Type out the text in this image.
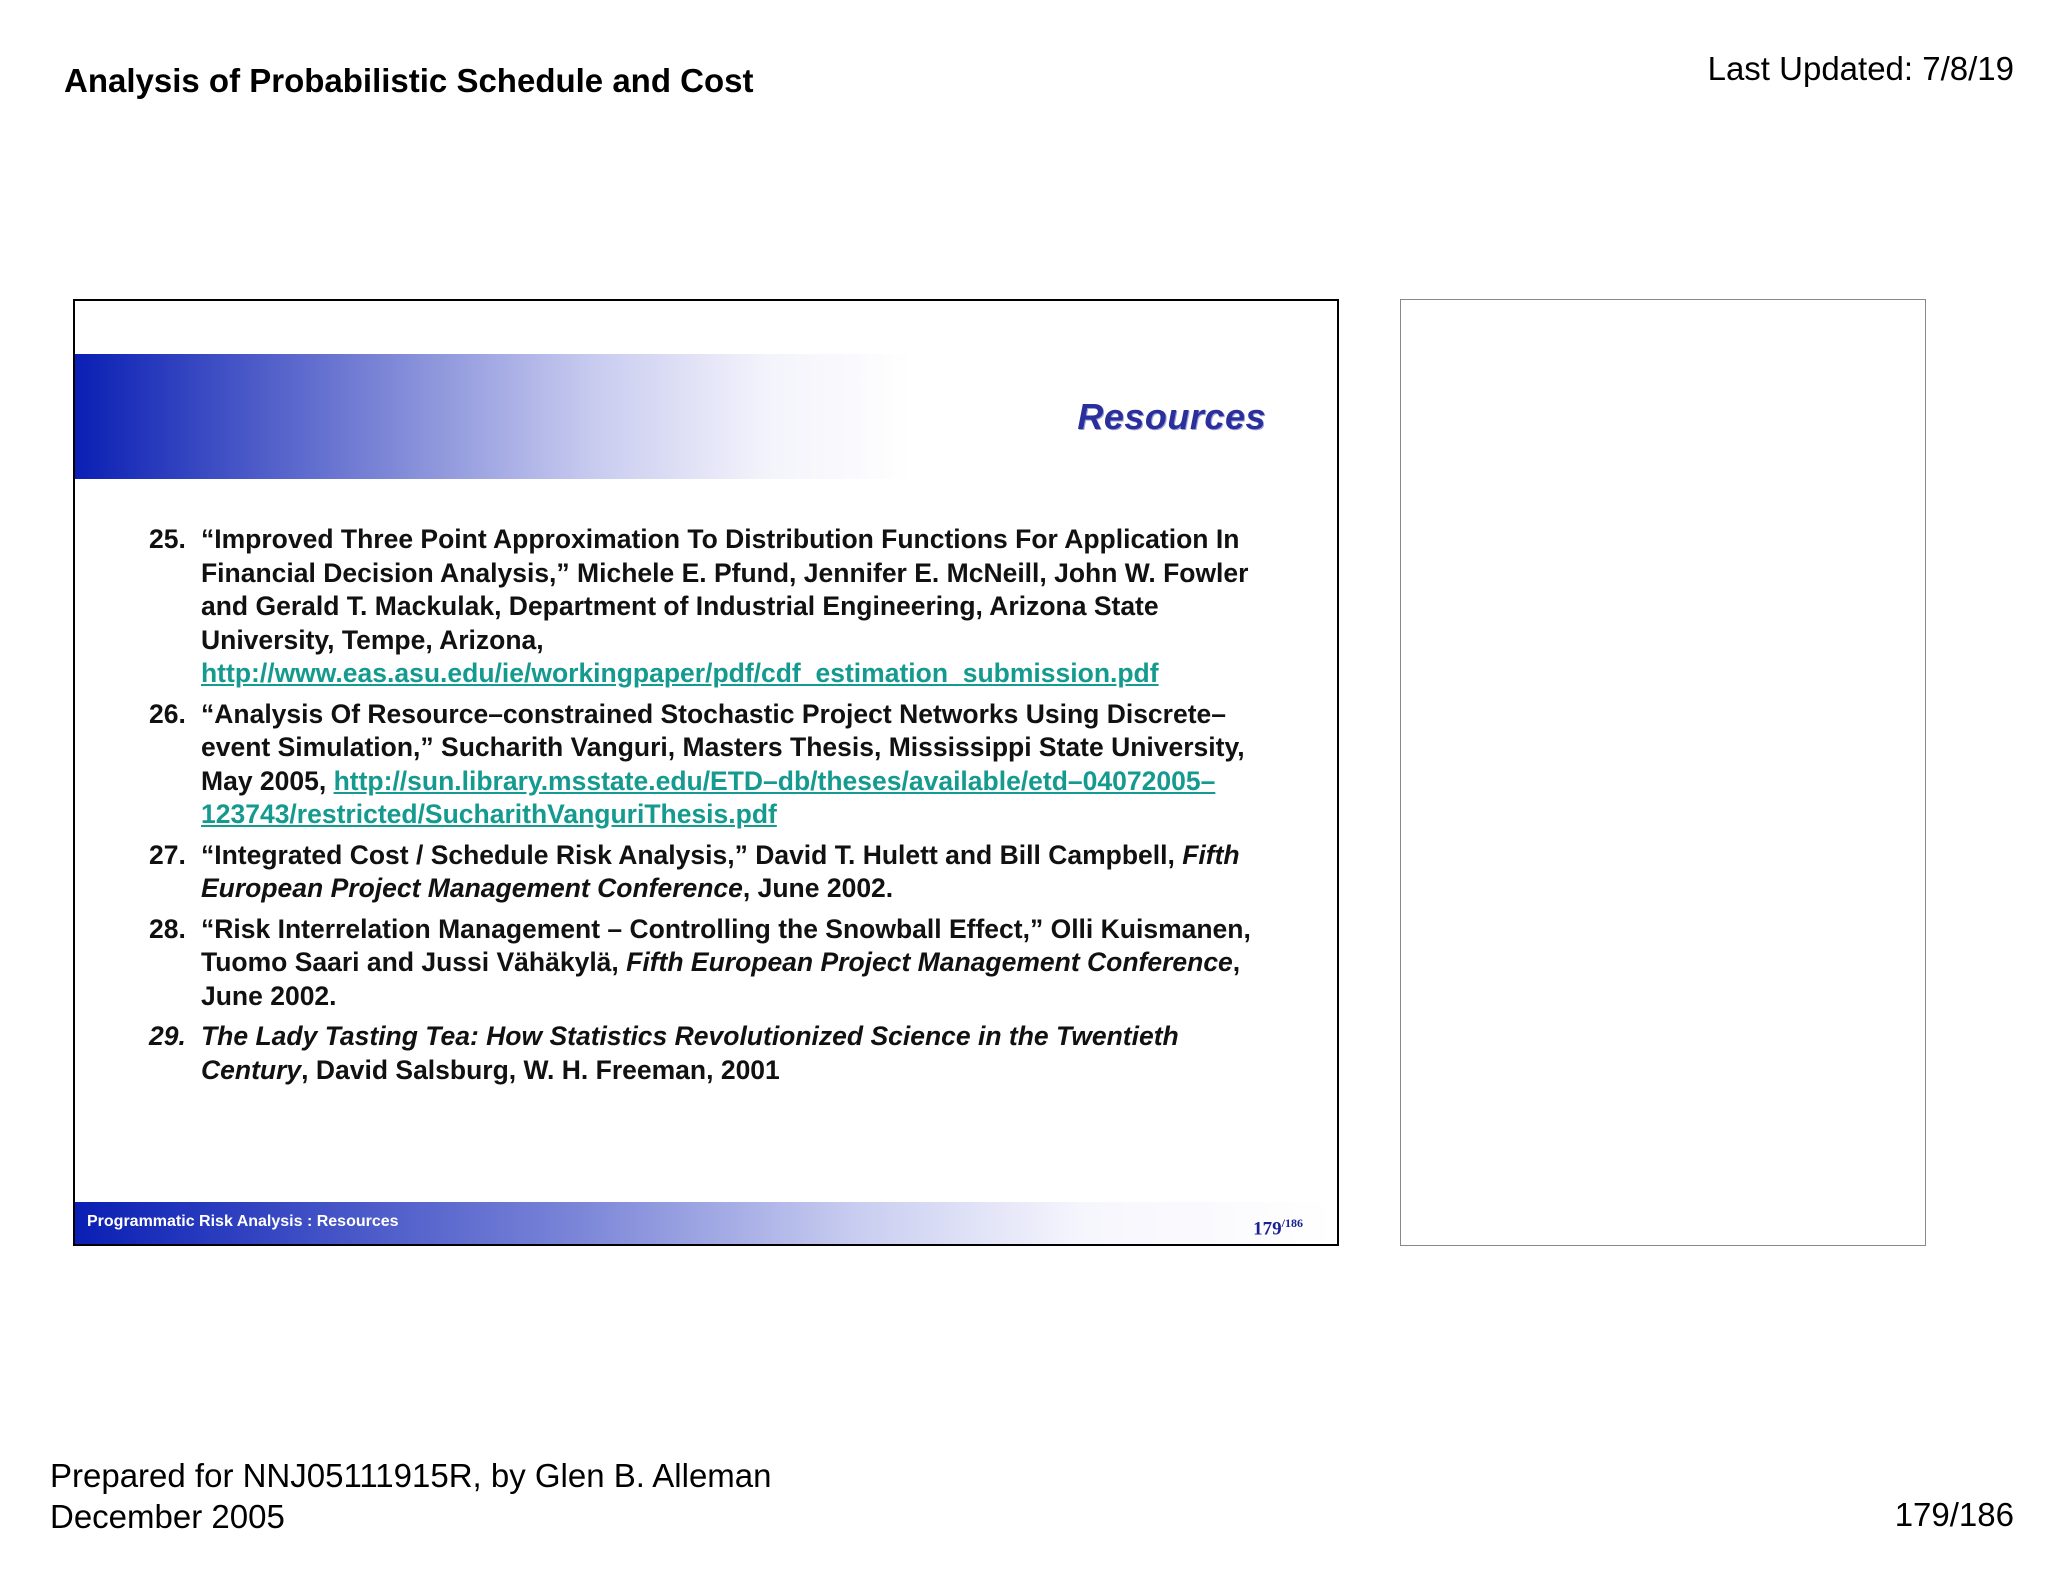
Analysis of Probabilistic Schedule and Cost	Last Updated: 7/8/19
Resources
25. “Improved Three Point Approximation To Distribution Functions For Application In Financial Decision Analysis,” Michele E. Pfund, Jennifer E. McNeill, John W. Fowler and Gerald T. Mackulak, Department of Industrial Engineering, Arizona State University, Tempe, Arizona, http://www.eas.asu.edu/ie/workingpaper/pdf/cdf_estimation_submission.pdf
26. “Analysis Of Resource–constrained Stochastic Project Networks Using Discrete–event Simulation,” Sucharith Vanguri, Masters Thesis, Mississippi State University, May 2005, http://sun.library.msstate.edu/ETD–db/theses/available/etd–04072005–123743/restricted/SucharithVanguriThesis.pdf
27. “Integrated Cost / Schedule Risk Analysis,” David T. Hulett and Bill Campbell, Fifth European Project Management Conference, June 2002.
28. “Risk Interrelation Management – Controlling the Snowball Effect,” Olli Kuismanen, Tuomo Saari and Jussi Vähäkylä, Fifth European Project Management Conference, June 2002.
29. The Lady Tasting Tea: How Statistics Revolutionized Science in the Twentieth Century, David Salsburg, W. H. Freeman, 2001
Programmatic Risk Analysis : Resources	$179^{/186}$
Prepared for NNJ05111915R, by Glen B. Alleman
December 2005	179/186
